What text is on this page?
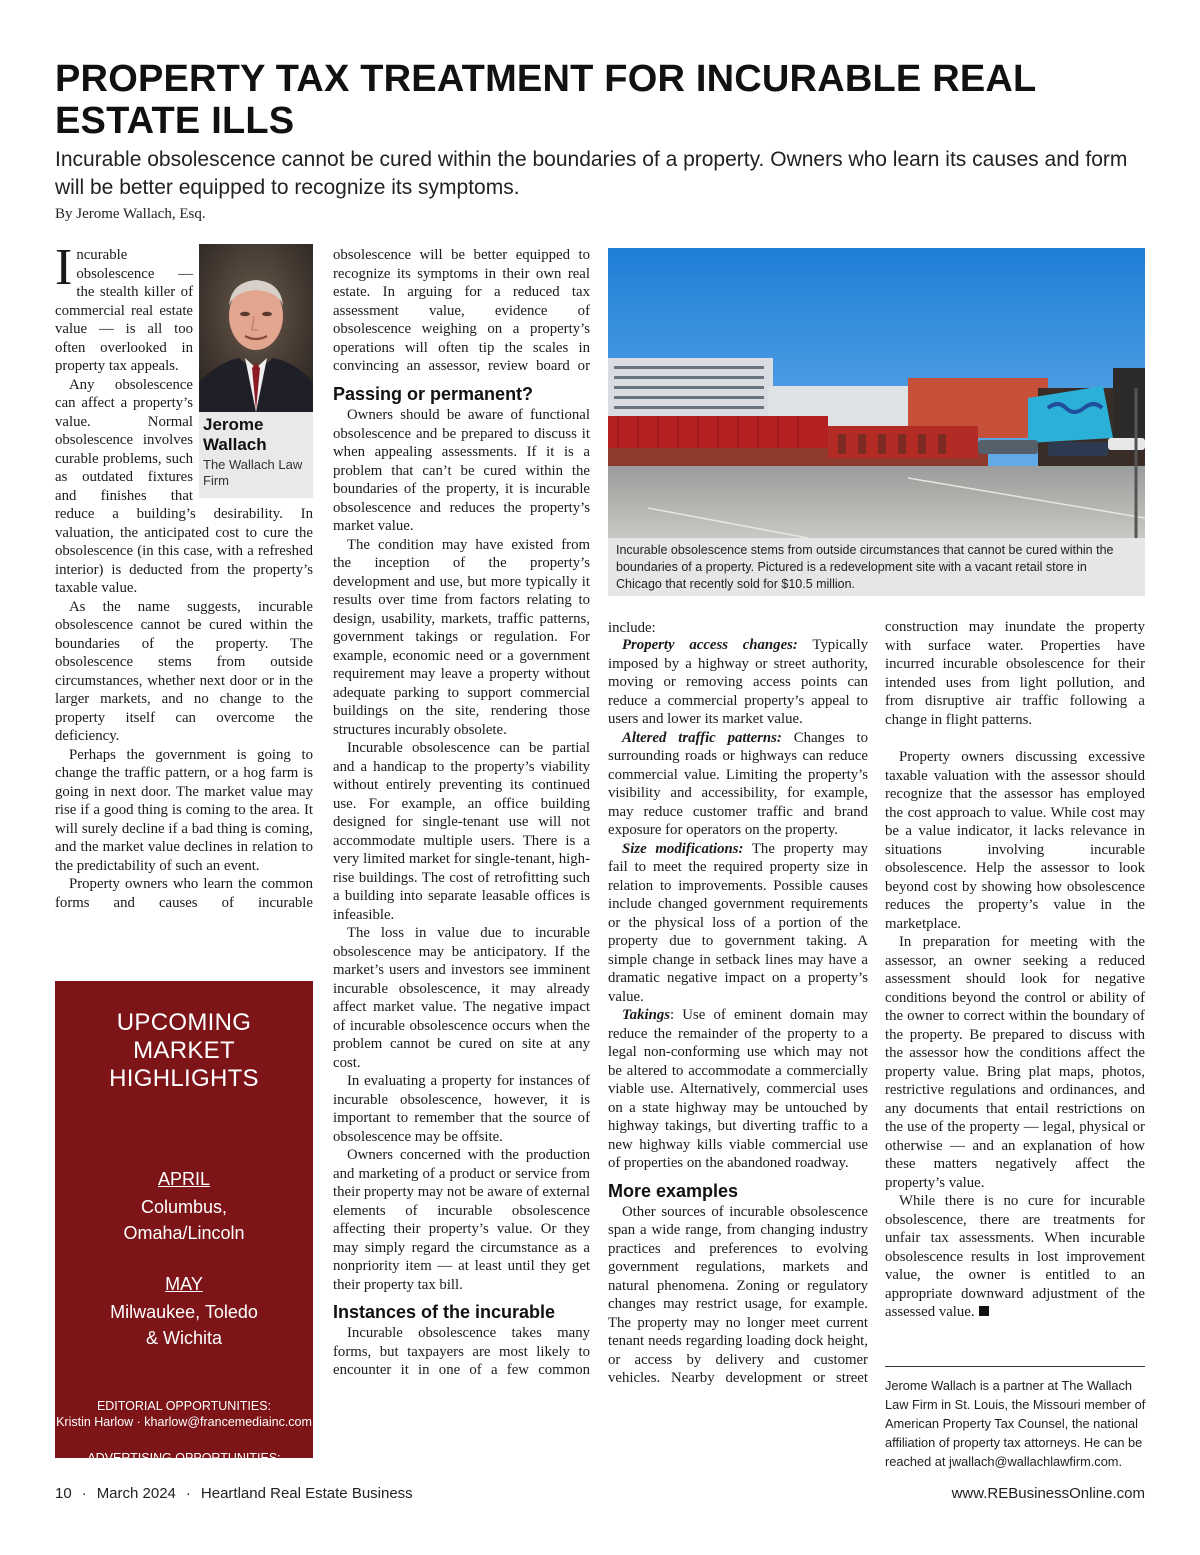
PROPERTY TAX TREATMENT FOR INCURABLE REAL ESTATE ILLS
Incurable obsolescence cannot be cured within the boundaries of a property. Owners who learn its causes and form will be better equipped to recognize its symptoms.
By Jerome Wallach, Esq.
Jerome Wallach
The Wallach Law Firm

Incurable obsolescence — the stealth killer of commercial real estate value — is all too often overlooked in property tax appeals.

Any obsolescence can affect a property’s value. Normal obsolescence involves curable problems, such as outdated fixtures and finishes that reduce a building’s desirability. In valuation, the anticipated cost to cure the obsolescence (in this case, with a refreshed interior) is deducted from the property’s taxable value.

As the name suggests, incurable obsolescence cannot be cured within the boundaries of the property. The obsolescence stems from outside circumstances, whether next door or in the larger markets, and no change to the property itself can overcome the deficiency.

Perhaps the government is going to change the traffic pattern, or a hog farm is going in next door. The market value may rise if a good thing is coming to the area. It will surely decline if a bad thing is coming, and the market value declines in relation to the predictability of such an event.

Property owners who learn the common forms and causes of incurable

UPCOMING MARKET HIGHLIGHTS
APRIL
Columbus,
Omaha/Lincoln
MAY
Milwaukee, Toledo
& Wichita
EDITORIAL OPPORTUNITIES:
Kristin Harlow · kharlow@francemediainc.com
ADVERTISING OPPORTUNITIES:
Barb Sherer · bsherer@francemediainc.com

obsolescence will be better equipped to recognize its symptoms in their own real estate. In arguing for a reduced tax assessment value, evidence of obsolescence weighing on a property’s operations will often tip the scales in convincing an assessor, review board or

Passing or permanent?

Owners should be aware of functional obsolescence and be prepared to discuss it when appealing assessments. If it is a problem that can’t be cured within the boundaries of the property, it is incurable obsolescence and reduces the property’s market value.

The condition may have existed from the inception of the property’s development and use, but more typically it results over time from factors relating to design, usability, markets, traffic patterns, government takings or regulation. For example, economic need or a government requirement may leave a property without adequate parking to support commercial buildings on the site, rendering those structures incurably obsolete.

Incurable obsolescence can be partial and a handicap to the property’s viability without entirely preventing its continued use. For example, an office building designed for single-tenant use will not accommodate multiple users. There is a very limited market for single-tenant, high-rise buildings. The cost of retrofitting such a building into separate leasable offices is infeasible.

The loss in value due to incurable obsolescence may be anticipatory. If the market’s users and investors see imminent incurable obsolescence, it may already affect market value. The negative impact of incurable obsolescence occurs when the problem cannot be cured on site at any cost.

In evaluating a property for instances of incurable obsolescence, however, it is important to remember that the source of obsolescence may be offsite.

Owners concerned with the production and marketing of a product or service from their property may not be aware of external elements of incurable obsolescence affecting their property’s value. Or they may simply regard the circumstance as a nonpriority item — at least until they get their property tax bill.

Instances of the incurable

Incurable obsolescence takes many forms, but taxpayers are most likely to encounter it in one of a few common

Incurable obsolescence stems from outside circumstances that cannot be cured within the boundaries of a property. Pictured is a redevelopment site with a vacant retail store in Chicago that recently sold for $10.5 million.

include:

Property access changes: Typically imposed by a highway or street authority, moving or removing access points can reduce a commercial property’s appeal to users and lower its market value.

Altered traffic patterns: Changes to surrounding roads or highways can reduce commercial value. Limiting the property’s visibility and accessibility, for example, may reduce customer traffic and brand exposure for operators on the property.

Size modifications: The property may fail to meet the required property size in relation to improvements. Possible causes include changed government requirements or the physical loss of a portion of the property due to government taking. A simple change in setback lines may have a dramatic negative impact on a property’s value.

Takings: Use of eminent domain may reduce the remainder of the property to a legal non-conforming use which may not be altered to accommodate a commercially viable use. Alternatively, commercial uses on a state highway may be untouched by highway takings, but diverting traffic to a new highway kills viable commercial use of properties on the abandoned roadway.

More examples

Other sources of incurable obsolescence span a wide range, from changing industry practices and preferences to evolving government regulations, markets and natural phenomena. Zoning or regulatory changes may restrict usage, for example. The property may no longer meet current tenant needs regarding loading dock height, or access by delivery and customer vehicles. Nearby development or street

construction may inundate the property with surface water. Properties have incurred incurable obsolescence for their intended uses from light pollution, and from disruptive air traffic following a change in flight patterns.

Property owners discussing excessive taxable valuation with the assessor should recognize that the assessor has employed the cost approach to value. While cost may be a value indicator, it lacks relevance in situations involving incurable obsolescence. Help the assessor to look beyond cost by showing how obsolescence reduces the property’s value in the marketplace.

In preparation for meeting with the assessor, an owner seeking a reduced assessment should look for negative conditions beyond the control or ability of the owner to correct within the boundary of the property. Be prepared to discuss with the assessor how the conditions affect the property value. Bring plat maps, photos, restrictive regulations and ordinances, and any documents that entail restrictions on the use of the property — legal, physical or otherwise — and an explanation of how these matters negatively affect the property’s value.

While there is no cure for incurable obsolescence, there are treatments for unfair tax assessments. When incurable obsolescence results in lost improvement value, the owner is entitled to an appropriate downward adjustment of the assessed value.

Jerome Wallach is a partner at The Wallach Law Firm in St. Louis, the Missouri member of American Property Tax Counsel, the national affiliation of property tax attorneys. He can be reached at jwallach@wallachlawfirm.com.
10 · March 2024 · Heartland Real Estate Business	www.REBusinessOnline.com
